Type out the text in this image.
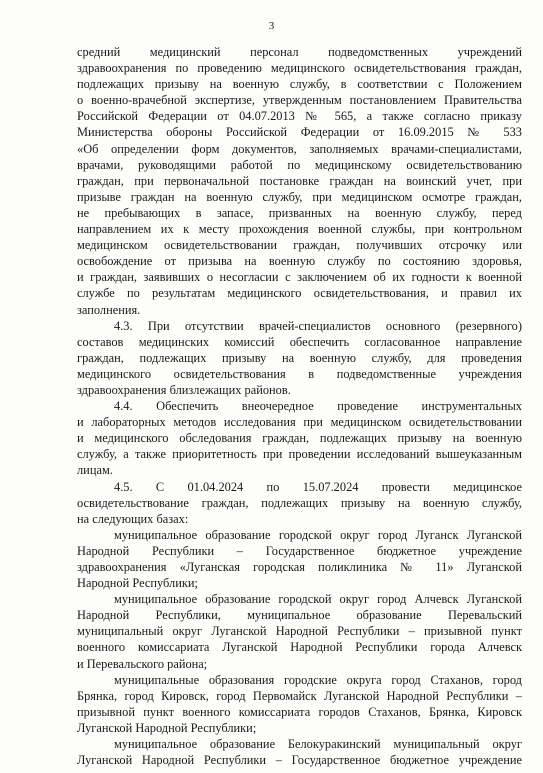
3
средний медицинский персонал подведомственных учреждений
здравоохранения по проведению медицинского освидетельствования граждан,
подлежащих призыву на военную службу, в соответствии с Положением
о военно-врачебной экспертизе, утвержденным постановлением Правительства
Российской Федерации от 04.07.2013 № 565, а также согласно приказу
Министерства обороны Российской Федерации от 16.09.2015 № 533
«Об определении форм документов, заполняемых врачами-специалистами,
врачами, руководящими работой по медицинскому освидетельствованию
граждан, при первоначальной постановке граждан на воинский учет, при
призыве граждан на военную службу, при медицинском осмотре граждан,
не пребывающих в запасе, призванных на военную службу, перед
направлением их к месту прохождения военной службы, при контрольном
медицинском освидетельствовании граждан, получивших отсрочку или
освобождение от призыва на военную службу по состоянию здоровья,
и граждан, заявивших о несогласии с заключением об их годности к военной
службе по результатам медицинского освидетельствования, и правил их
заполнения.
4.3. При отсутствии врачей-специалистов основного (резервного)
составов медицинских комиссий обеспечить согласованное направление
граждан, подлежащих призыву на военную службу, для проведения
медицинского освидетельствования в подведомственные учреждения
здравоохранения близлежащих районов.
4.4. Обеспечить внеочередное проведение инструментальных
и лабораторных методов исследования при медицинском освидетельствовании
и медицинского обследования граждан, подлежащих призыву на военную
службу, а также приоритетность при проведении исследований вышеуказанным
лицам.
4.5. С 01.04.2024 по 15.07.2024 провести медицинское
освидетельствование граждан, подлежащих призыву на военную службу,
на следующих базах:
муниципальное образование городской округ город Луганск Луганской
Народной Республики – Государственное бюджетное учреждение
здравоохранения «Луганская городская поликлиника № 11» Луганской
Народной Республики;
муниципальное образование городской округ город Алчевск Луганской
Народной Республики, муниципальное образование Перевальский
муниципальный округ Луганской Народной Республики – призывной пункт
военного комиссариата Луганской Народной Республики города Алчевск
и Перевальского района;
муниципальные образования городские округа город Стаханов, город
Брянка, город Кировск, город Первомайск Луганской Народной Республики –
призывной пункт военного комиссариата городов Стаханов, Брянка, Кировск
Луганской Народной Республики;
муниципальное образование Белокуракинский муниципальный округ
Луганской Народной Республики – Государственное бюджетное учреждение
